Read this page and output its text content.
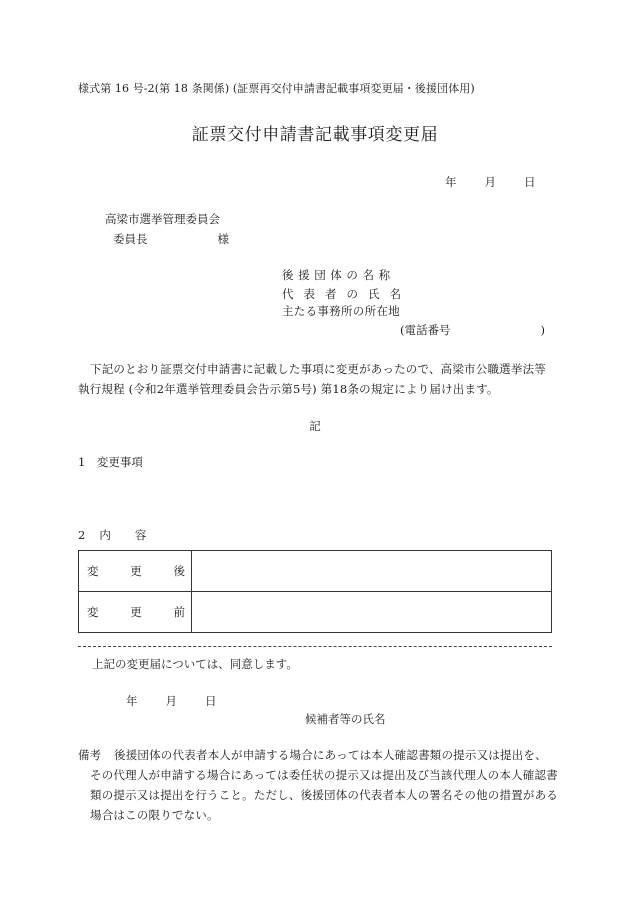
様式第 16 号-2(第 18 条関係) (証票再交付申請書記載事項変更届・後援団体用)
証票交付申請書記載事項変更届
年 月 日
高梁市選挙管理委員会
委員長	様
後援団体の名称
代 表 者 の 氏 名
主たる事務所の所在地
(電話番号	)
下記のとおり証票交付申請書に記載した事項に変更があったので、高梁市公職選挙法等執行規程 (令和2年選挙管理委員会告示第5号) 第18条の規定により届け出ます。
記
1　変更事項
2 内 容
変 更 後	

変 更 前	

上記の変更届については、同意します。
年 月 日
候補者等の氏名
備考	後援団体の代表者本人が申請する場合にあっては本人確認書類の提示又は提出を、その代理人が申請する場合にあっては委任状の提示又は提出及び当該代理人の本人確認書類の提示又は提出を行うこと。ただし、後援団体の代表者本人の署名その他の措置がある場合はこの限りでない。
